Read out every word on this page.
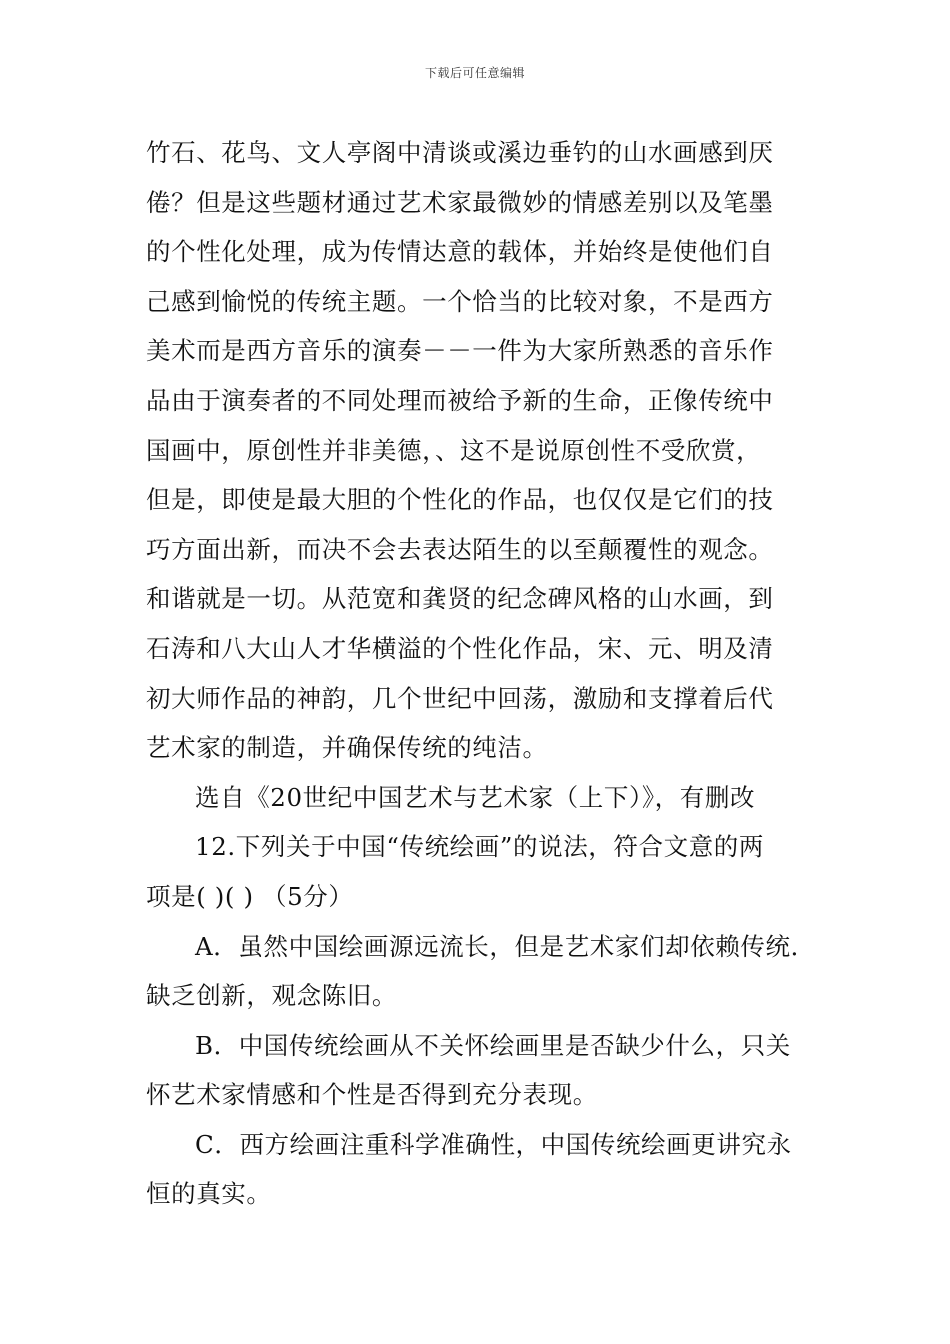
下载后可任意编辑
竹石、花鸟、文人亭阁中清谈或溪边垂钓的山水画感到厌
倦？但是这些题材通过艺术家最微妙的情感差别以及笔墨
的个性化处理，成为传情达意的载体，并始终是使他们自
己感到愉悦的传统主题。一个恰当的比较对象，不是西方
美术而是西方音乐的演奏－－一件为大家所熟悉的音乐作
品由于演奏者的不同处理而被给予新的生命，正像传统中
国画中，原创性并非美德，、这不是说原创性不受欣赏，
但是，即使是最大胆的个性化的作品，也仅仅是它们的技
巧方面出新，而决不会去表达陌生的以至颠覆性的观念。
和谐就是一切。从范宽和龚贤的纪念碑风格的山水画，到
石涛和八大山人才华横溢的个性化作品，宋、元、明及清
初大师作品的神韵，几个世纪中回荡，激励和支撑着后代
艺术家的制造，并确保传统的纯洁。
选自《20世纪中国艺术与艺术家（上下）》，有删改
12.下列关于中国“传统绘画”的说法，符合文意的两
项是( )( ) （5分）
A．虽然中国绘画源远流长，但是艺术家们却依赖传统．
缺乏创新，观念陈旧。
B．中国传统绘画从不关怀绘画里是否缺少什么，只关
怀艺术家情感和个性是否得到充分表现。
C．西方绘画注重科学准确性，中国传统绘画更讲究永
恒的真实。
